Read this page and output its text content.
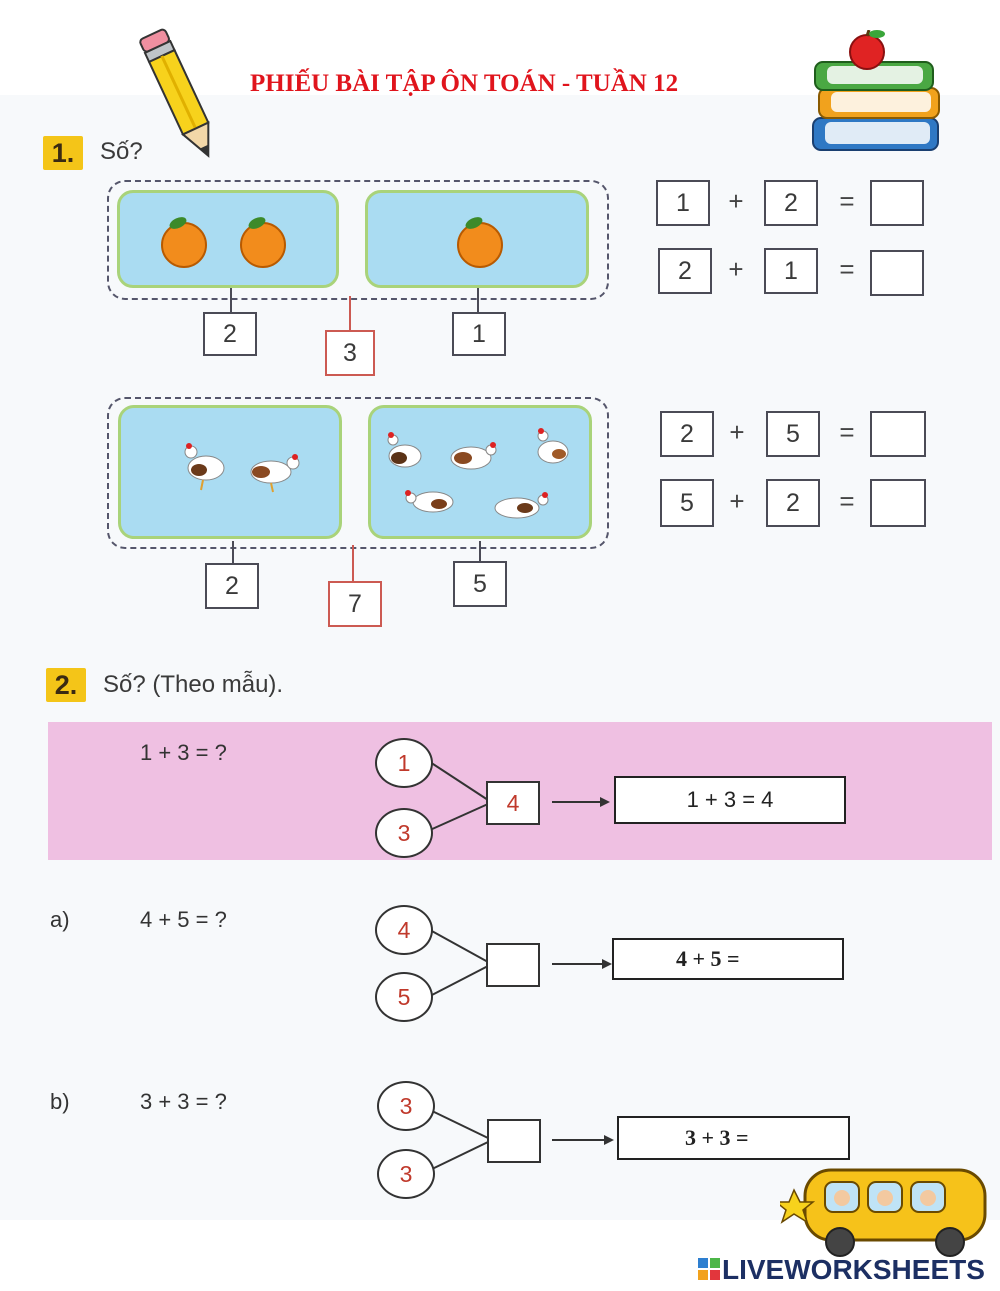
PHIẾU BÀI TẬP ÔN TOÁN - TUẦN 12
1.	Số?
2
3
1
2
7
5
1	+	2	=
2	+	1	=
2	+	5	=
5	+	2	=
2.	Số? (Theo mẫu).
1 + 3 = ?	1
3
4	1 + 3 = 4
a)	4 + 5 = ?	4
5
4 + 5 =
b)	3 + 3 = ?	3
3
3 + 3 =
LIVEWORKSHEETS
